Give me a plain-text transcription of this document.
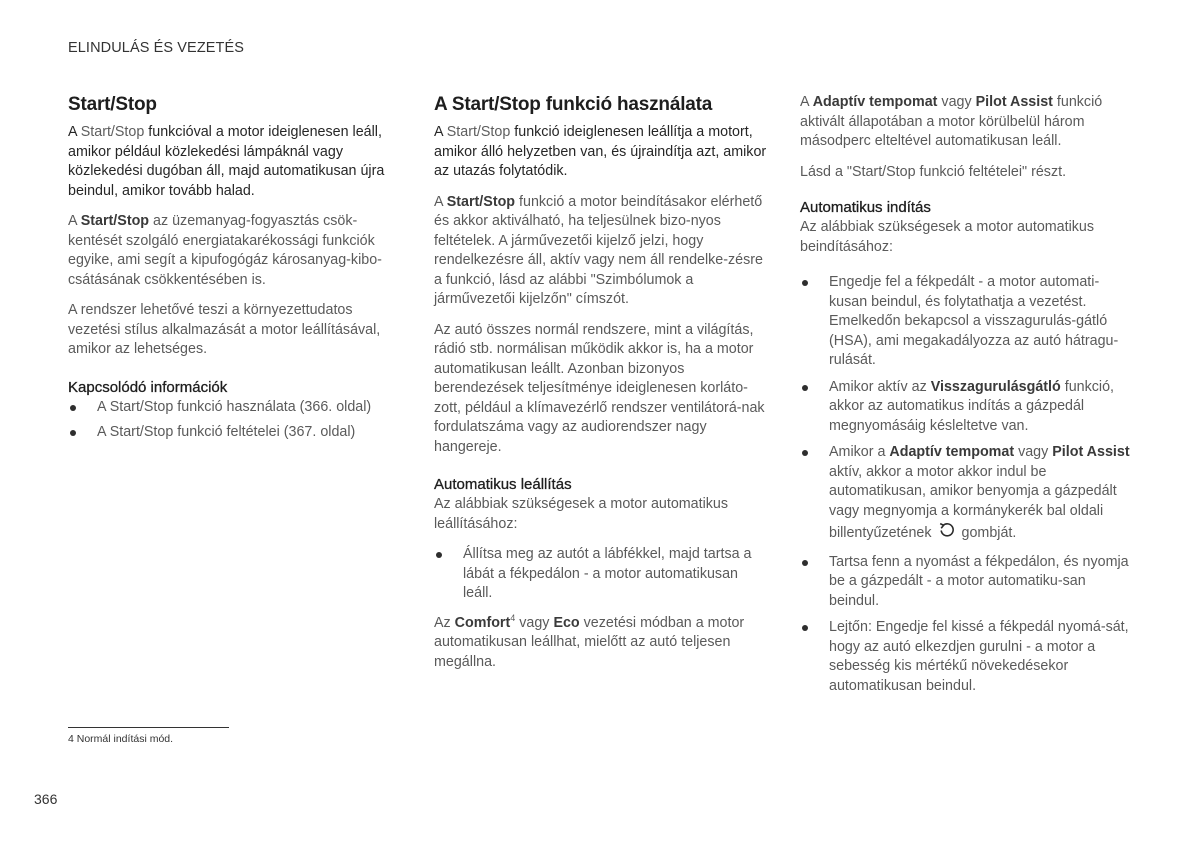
ELINDULÁS ÉS VEZETÉS
Start/Stop

A Start/Stop funkcióval a motor ideiglenesen leáll, amikor például közlekedési lámpáknál vagy közlekedési dugóban áll, majd automatikusan újra beindul, amikor tovább halad.

A Start/Stop az üzemanyag-fogyasztás csök-kentését szolgáló energiatakarékossági funkciók egyike, ami segít a kipufogógáz károsanyag-kibo-csátásának csökkentésében is.

A rendszer lehetővé teszi a környezettudatos vezetési stílus alkalmazását a motor leállításával, amikor az lehetséges.

Kapcsolódó információk
A Start/Stop funkció használata (366. oldal)
A Start/Stop funkció feltételei (367. oldal)
A Start/Stop funkció használata

A Start/Stop funkció ideiglenesen leállítja a motort, amikor álló helyzetben van, és újraindítja azt, amikor az utazás folytatódik.

A Start/Stop funkció a motor beindításakor elérhető és akkor aktiválható, ha teljesülnek bizo-nyos feltételek. A járművezetői kijelző jelzi, hogy rendelkezésre áll, aktív vagy nem áll rendelke-zésre a funkció, lásd az alábbi "Szimbólumok a járművezetői kijelzőn" címszót.

Az autó összes normál rendszere, mint a világítás, rádió stb. normálisan működik akkor is, ha a motor automatikusan leállt. Azonban bizonyos berendezések teljesítménye ideiglenesen korláto-zott, például a klímavezérlő rendszer ventilátorá-nak fordulatszáma vagy az audiorendszer nagy hangereje.

Automatikus leállítás

Az alábbiak szükségesek a motor automatikus leállításához:

Állítsa meg az autót a lábfékkel, majd tartsa a lábát a fékpedálon - a motor automatikusan leáll.

Az Comfort$^4$ vagy Eco vezetési módban a motor automatikusan leállhat, mielőtt az autó teljesen megállna.

A Adaptív tempomat vagy Pilot Assist funkció aktivált állapotában a motor körülbelül három másodperc elteltével automatikusan leáll.

Lásd a "Start/Stop funkció feltételei" részt.

Automatikus indítás

Az alábbiak szükségesek a motor automatikus beindításához:

Engedje fel a fékpedált - a motor automati-kusan beindul, és folytathatja a vezetést. Emelkedőn bekapcsol a visszagurulás-gátló (HSA), ami megakadályozza az autó hátragu-rulását.
Amikor aktív az Visszagurulásgátló funkció, akkor az automatikus indítás a gázpedál megnyomásáig késleltetve van.
Amikor a Adaptív tempomat vagy Pilot Assist aktív, akkor a motor akkor indul be automatikusan, amikor benyomja a gázpedált vagy megnyomja a kormánykerék bal oldali billentyűzetének gombját.
Tartsa fenn a nyomást a fékpedálon, és nyomja be a gázpedált - a motor automatiku-san beindul.
Lejtőn: Engedje fel kissé a fékpedál nyomá-sát, hogy az autó elkezdjen gurulni - a motor a sebesség kis mértékű növekedésekor automatikusan beindul.
4 Normál indítási mód.
366
